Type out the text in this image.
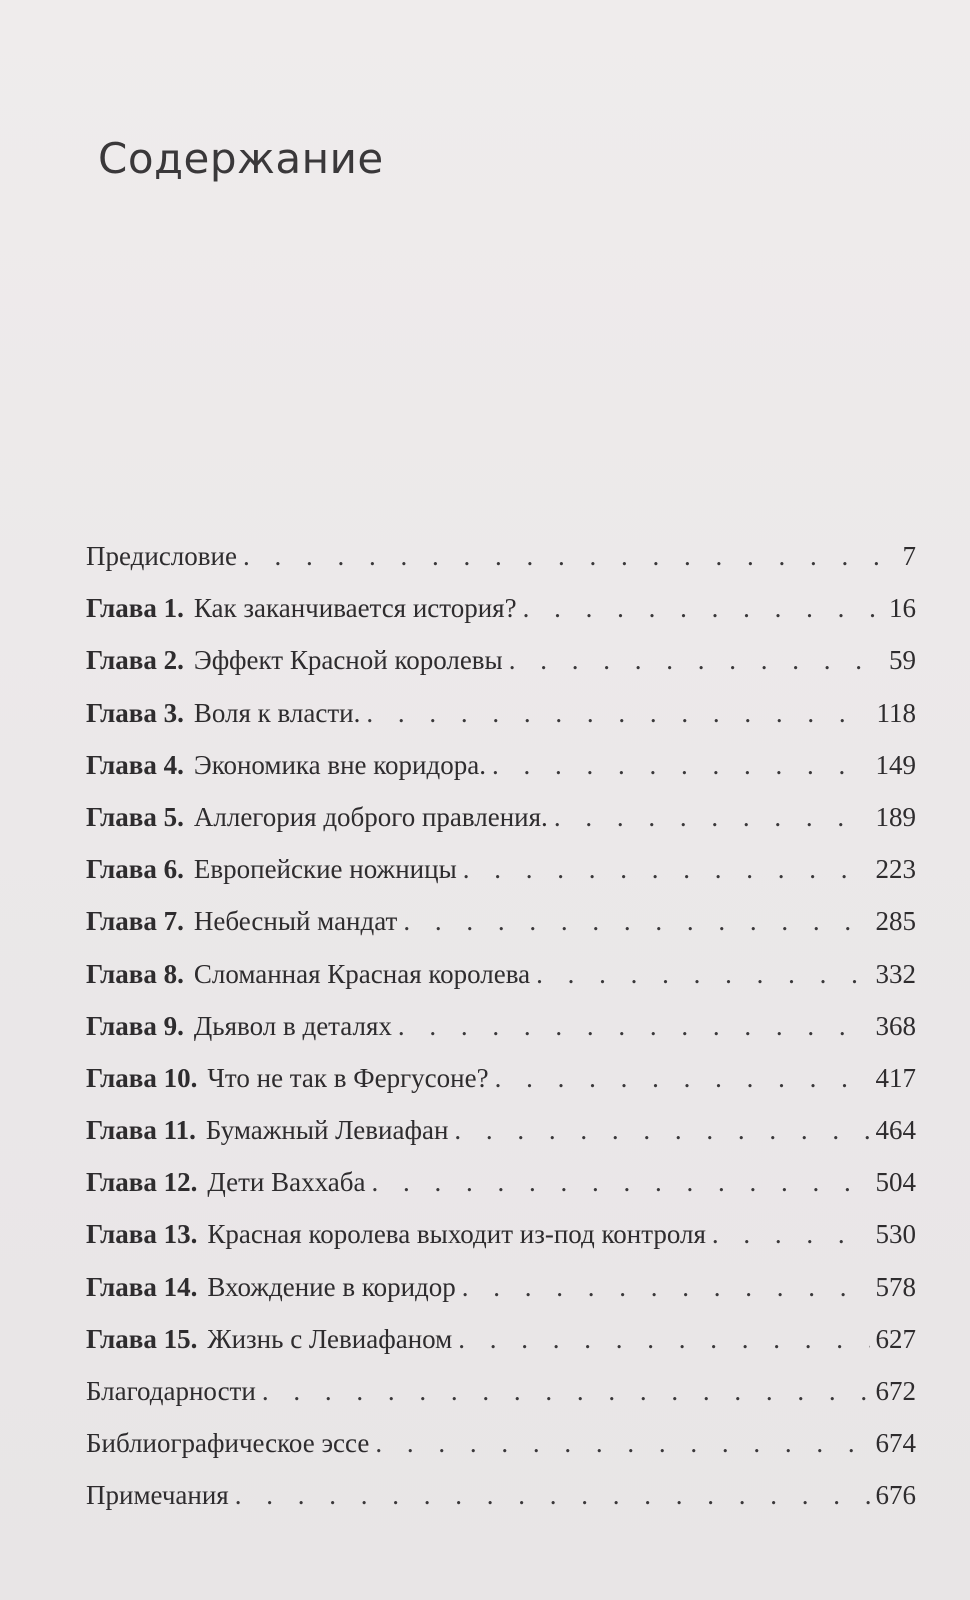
Содержание
Предисловие . . .	7
Глава 1. Как заканчивается история? . . .	16
Глава 2. Эффект Красной королевы . . .	59
Глава 3. Воля к власти. . . .	118
Глава 4. Экономика вне коридора. . . .	149
Глава 5. Аллегория доброго правления. . . .	189
Глава 6. Европейские ножницы . . .	223
Глава 7. Небесный мандат . . .	285
Глава 8. Сломанная Красная королева . . .	332
Глава 9. Дьявол в деталях . . .	368
Глава 10. Что не так в Фергусоне? . . .	417
Глава 11. Бумажный Левиафан . . .	464
Глава 12. Дети Ваххаба . . .	504
Глава 13. Красная королева выходит из-под контроля . . .	530
Глава 14. Вхождение в коридор . . .	578
Глава 15. Жизнь с Левиафаном . . .	627
Благодарности . . .	672
Библиографическое эссе . . .	674
Примечания . . .	676
